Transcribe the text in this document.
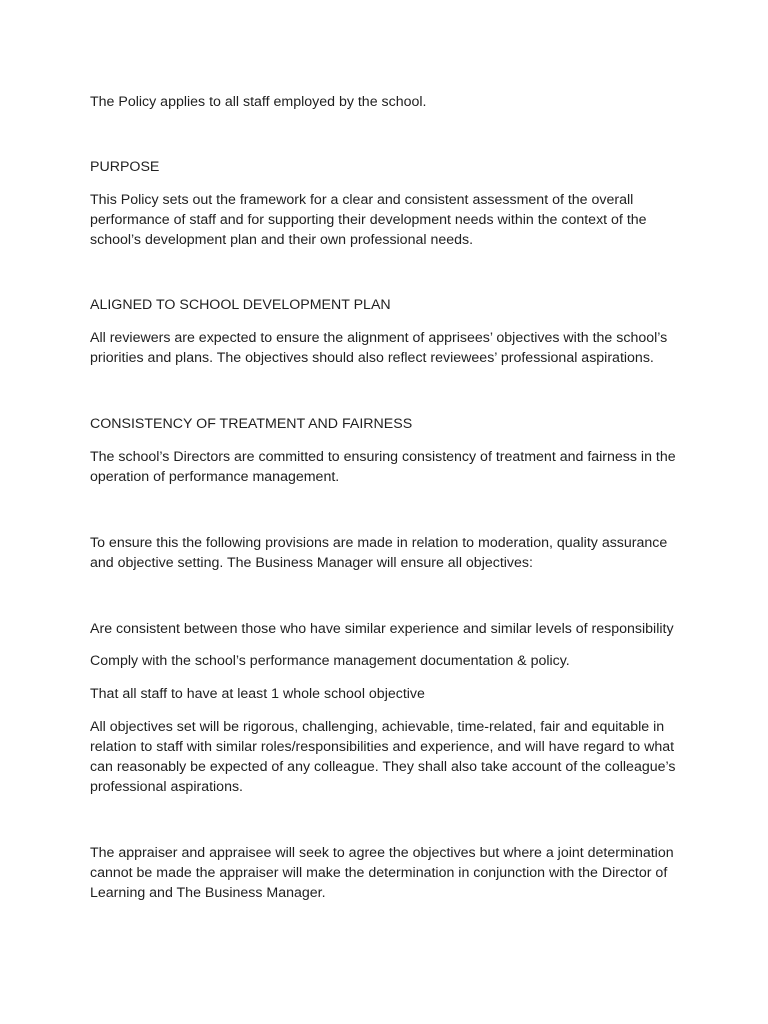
The Policy applies to all staff employed by the school.

PURPOSE

This Policy sets out the framework for a clear and consistent assessment of the overall performance of staff and for supporting their development needs within the context of the school’s development plan and their own professional needs.

ALIGNED TO SCHOOL DEVELOPMENT PLAN

All reviewers are expected to ensure the alignment of apprisees’ objectives with the school’s priorities and plans. The objectives should also reflect reviewees’ professional aspirations.

CONSISTENCY OF TREATMENT AND FAIRNESS

The school’s Directors are committed to ensuring consistency of treatment and fairness in the operation of performance management.

To ensure this the following provisions are made in relation to moderation, quality assurance and objective setting. The Business Manager will ensure all objectives:

Are consistent between those who have similar experience and similar levels of responsibility

Comply with the school’s performance management documentation & policy.

That all staff to have at least 1 whole school objective

All objectives set will be rigorous, challenging, achievable, time-related, fair and equitable in relation to staff with similar roles/responsibilities and experience, and will have regard to what can reasonably be expected of any colleague. They shall also take account of the colleague’s professional aspirations.

The appraiser and appraisee will seek to agree the objectives but where a joint determination cannot be made the appraiser will make the determination in conjunction with the Director of Learning and The Business Manager.
